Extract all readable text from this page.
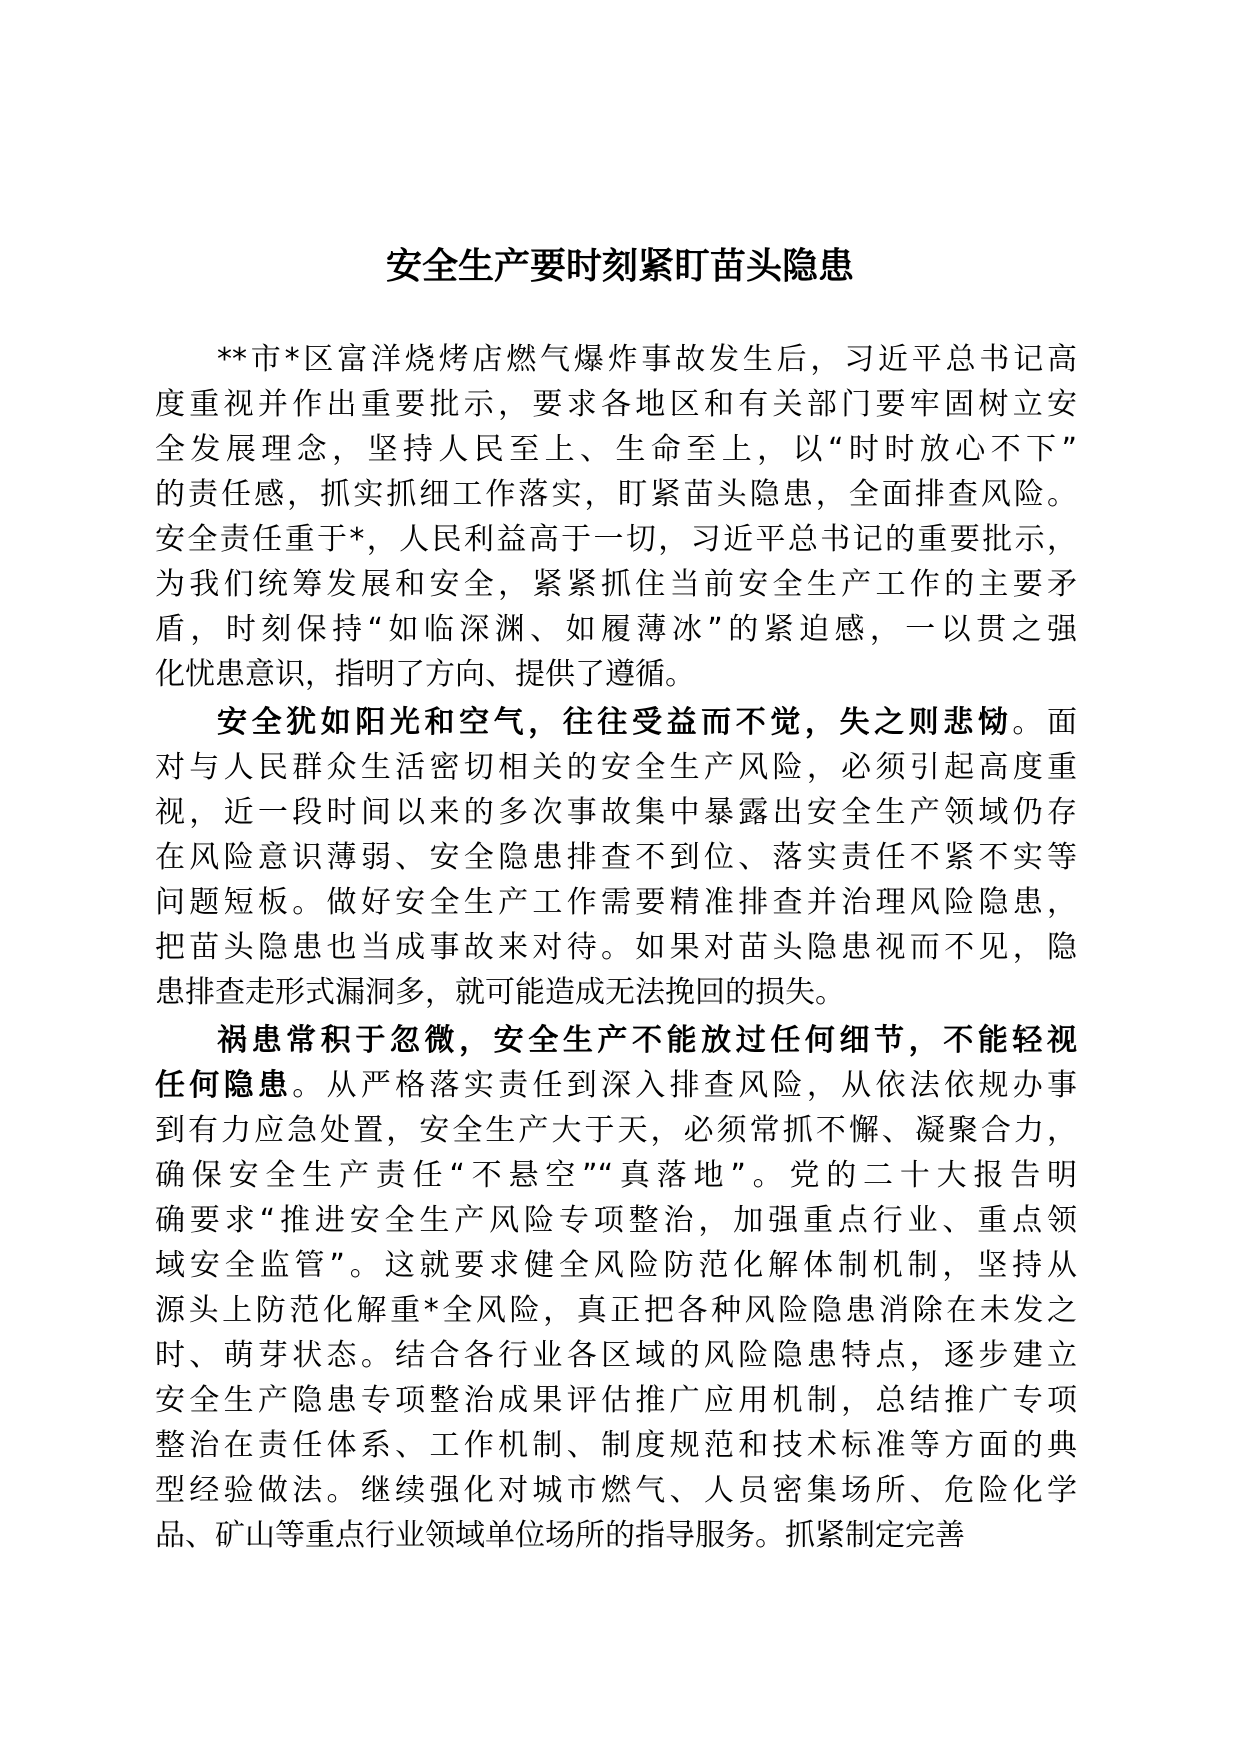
安全生产要时刻紧盯苗头隐患
**市*区富洋烧烤店燃气爆炸事故发生后，习近平总书记高
度重视并作出重要批示，要求各地区和有关部门要牢固树立安
全发展理念，坚持人民至上、生命至上，以“时时放心不下”
的责任感，抓实抓细工作落实，盯紧苗头隐患，全面排查风险。
安全责任重于*，人民利益高于一切，习近平总书记的重要批示，
为我们统筹发展和安全，紧紧抓住当前安全生产工作的主要矛
盾，时刻保持“如临深渊、如履薄冰”的紧迫感，一以贯之强
化忧患意识，指明了方向、提供了遵循。
安全犹如阳光和空气，往往受益而不觉，失之则悲恸。面
对与人民群众生活密切相关的安全生产风险，必须引起高度重
视，近一段时间以来的多次事故集中暴露出安全生产领域仍存
在风险意识薄弱、安全隐患排查不到位、落实责任不紧不实等
问题短板。做好安全生产工作需要精准排查并治理风险隐患，
把苗头隐患也当成事故来对待。如果对苗头隐患视而不见，隐
患排查走形式漏洞多，就可能造成无法挽回的损失。
祸患常积于忽微，安全生产不能放过任何细节，不能轻视
任何隐患。从严格落实责任到深入排查风险，从依法依规办事
到有力应急处置，安全生产大于天，必须常抓不懈、凝聚合力，
确保安全生产责任“不悬空”“真落地”。党的二十大报告明
确要求“推进安全生产风险专项整治，加强重点行业、重点领
域安全监管”。这就要求健全风险防范化解体制机制，坚持从
源头上防范化解重*全风险，真正把各种风险隐患消除在未发之
时、萌芽状态。结合各行业各区域的风险隐患特点，逐步建立
安全生产隐患专项整治成果评估推广应用机制，总结推广专项
整治在责任体系、工作机制、制度规范和技术标准等方面的典
型经验做法。继续强化对城市燃气、人员密集场所、危险化学
品、矿山等重点行业领域单位场所的指导服务。抓紧制定完善
